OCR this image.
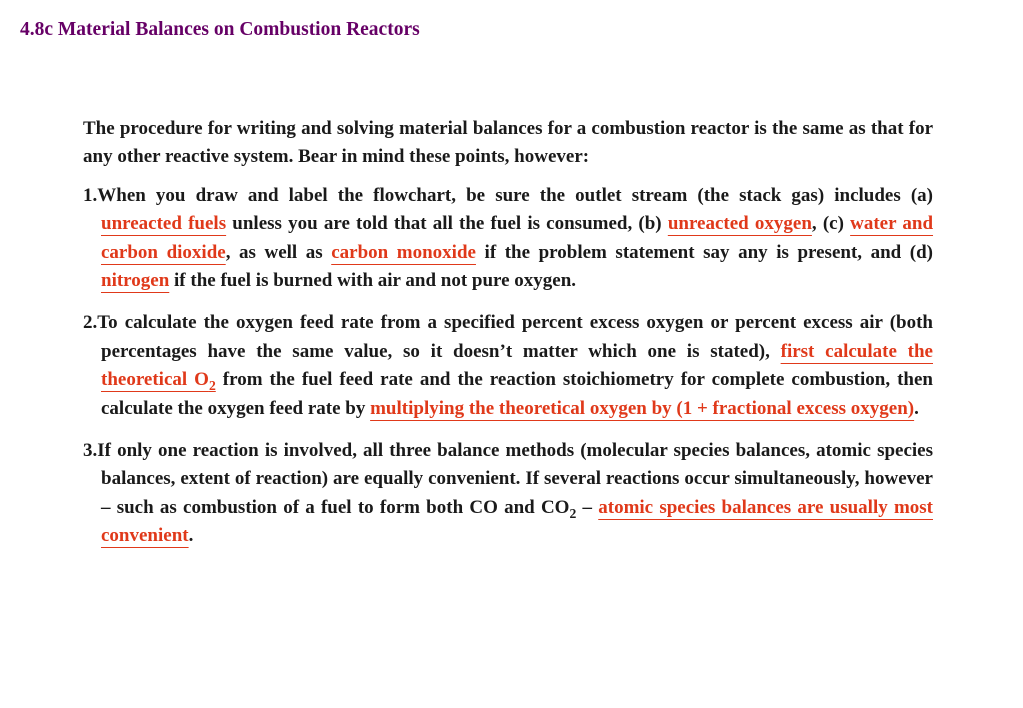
4.8c Material Balances on Combustion Reactors

The procedure for writing and solving material balances for a combustion reactor is the same as that for any other reactive system. Bear in mind these points, however:

1.When you draw and label the flowchart, be sure the outlet stream (the stack gas) includes (a) unreacted fuels unless you are told that all the fuel is consumed, (b) unreacted oxygen, (c) water and carbon dioxide, as well as carbon monoxide if the problem statement say any is present, and (d) nitrogen if the fuel is burned with air and not pure oxygen.
2.To calculate the oxygen feed rate from a specified percent excess oxygen or percent excess air (both percentages have the same value, so it doesn’t matter which one is stated), first calculate the theoretical $O_2$ from the fuel feed rate and the reaction stoichiometry for complete combustion, then calculate the oxygen feed rate by multiplying the theoretical oxygen by (1 + fractional excess oxygen).
3.If only one reaction is involved, all three balance methods (molecular species balances, atomic species balances, extent of reaction) are equally convenient. If several reactions occur simultaneously, however – such as combustion of a fuel to form both CO and $CO_2$ – atomic species balances are usually most convenient.
